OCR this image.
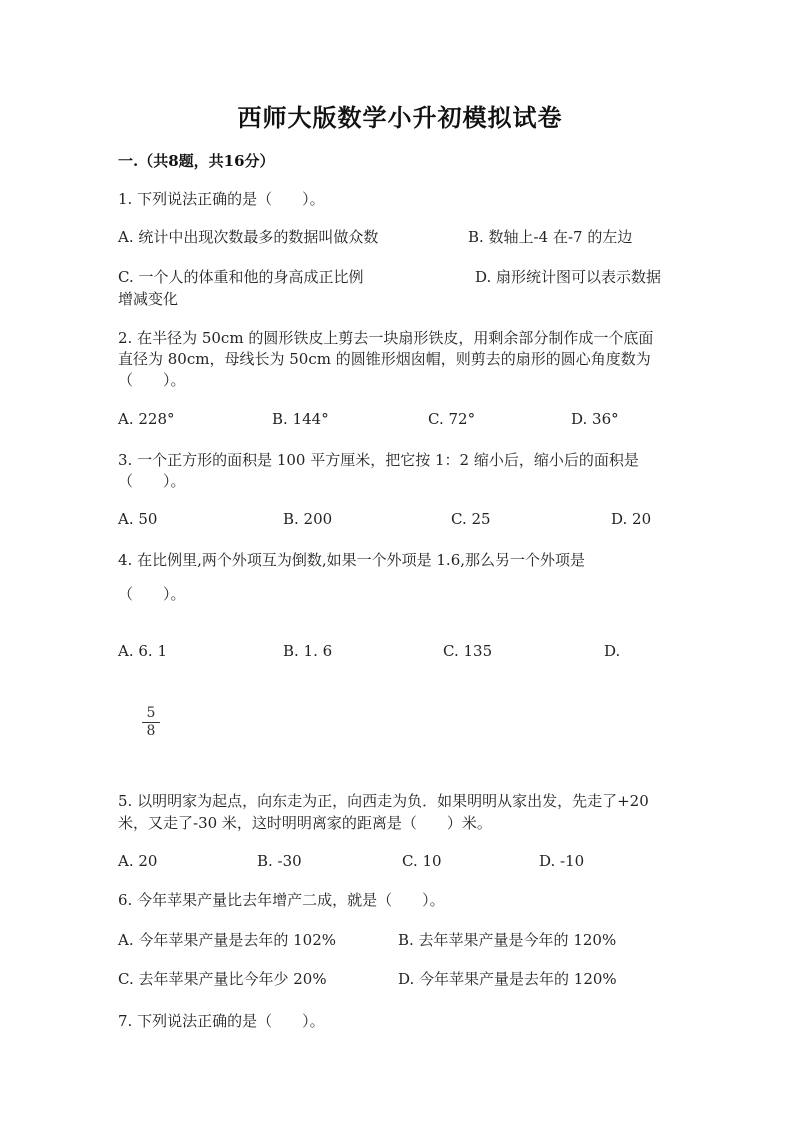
西师大版数学小升初模拟试卷
一.（共8题，共16分）
1. 下列说法正确的是（　　）。
A. 统计中出现次数最多的数据叫做众数	B. 数轴上-4 在-7 的左边
C. 一个人的体重和他的身高成正比例	D. 扇形统计图可以表示数据
增减变化
2. 在半径为 50cm 的圆形铁皮上剪去一块扇形铁皮，用剩余部分制作成一个底面
直径为 80cm，母线长为 50cm 的圆锥形烟囱帽，则剪去的扇形的圆心角度数为
（　　）。
A. 228°	B. 144°	C. 72°	D. 36°
3. 一个正方形的面积是 100 平方厘米，把它按 1：2 缩小后，缩小后的面积是
（　　）。
A. 50	B. 200	C. 25	D. 20
4. 在比例里,两个外项互为倒数,如果一个外项是 1.6,那么另一个外项是
（　　）。
A. 6. 1	B. 1. 6	C. 135	D.
5
8
5. 以明明家为起点，向东走为正，向西走为负．如果明明从家出发，先走了+20
米，又走了-30 米，这时明明离家的距离是（　　）米。
A. 20	B. -30	C. 10	D. -10
6. 今年苹果产量比去年增产二成，就是（　　）。
A. 今年苹果产量是去年的 102%	B. 去年苹果产量是今年的 120%
C. 去年苹果产量比今年少 20%	D. 今年苹果产量是去年的 120%
7. 下列说法正确的是（　　）。
